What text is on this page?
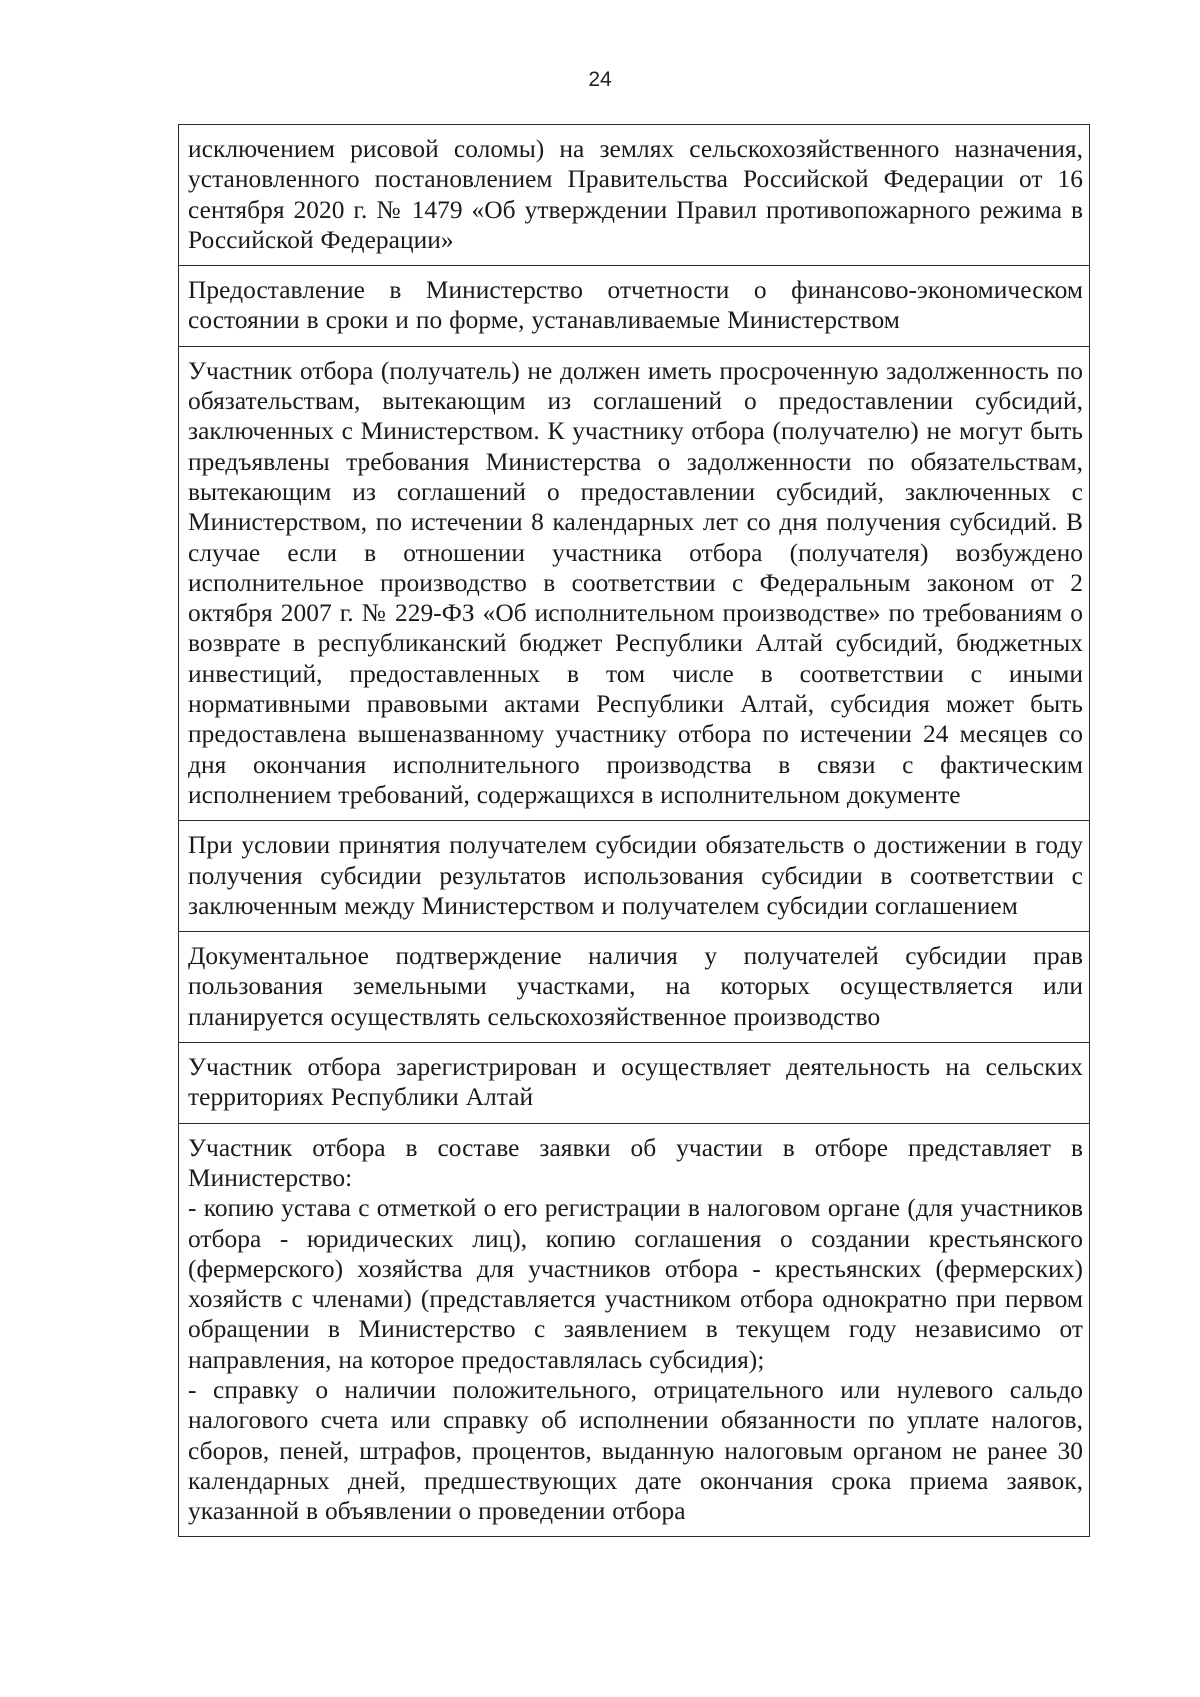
24
исключением рисовой соломы) на землях сельскохозяйственного назначения, установленного постановлением Правительства Российской Федерации от 16 сентября 2020 г. № 1479 «Об утверждении Правил противопожарного режима в Российской Федерации»
Предоставление в Министерство отчетности о финансово-экономическом состоянии в сроки и по форме, устанавливаемые Министерством
Участник отбора (получатель) не должен иметь просроченную задолженность по обязательствам, вытекающим из соглашений о предоставлении субсидий, заключенных с Министерством. К участнику отбора (получателю) не могут быть предъявлены требования Министерства о задолженности по обязательствам, вытекающим из соглашений о предоставлении субсидий, заключенных с Министерством, по истечении 8 календарных лет со дня получения субсидий. В случае если в отношении участника отбора (получателя) возбуждено исполнительное производство в соответствии с Федеральным законом от 2 октября 2007 г. № 229-ФЗ «Об исполнительном производстве» по требованиям о возврате в республиканский бюджет Республики Алтай субсидий, бюджетных инвестиций, предоставленных в том числе в соответствии с иными нормативными правовыми актами Республики Алтай, субсидия может быть предоставлена вышеназванному участнику отбора по истечении 24 месяцев со дня окончания исполнительного производства в связи с фактическим исполнением требований, содержащихся в исполнительном документе
При условии принятия получателем субсидии обязательств о достижении в году получения субсидии результатов использования субсидии в соответствии с заключенным между Министерством и получателем субсидии соглашением
Документальное подтверждение наличия у получателей субсидии прав пользования земельными участками, на которых осуществляется или планируется осуществлять сельскохозяйственное производство
Участник отбора зарегистрирован и осуществляет деятельность на сельских территориях Республики Алтай
Участник отбора в составе заявки об участии в отборе представляет в Министерство:
- копию устава с отметкой о его регистрации в налоговом органе (для участников отбора - юридических лиц), копию соглашения о создании крестьянского (фермерского) хозяйства для участников отбора - крестьянских (фермерских) хозяйств с членами) (представляется участником отбора однократно при первом обращении в Министерство с заявлением в текущем году независимо от направления, на которое предоставлялась субсидия);
- справку о наличии положительного, отрицательного или нулевого сальдо налогового счета или справку об исполнении обязанности по уплате налогов, сборов, пеней, штрафов, процентов, выданную налоговым органом не ранее 30 календарных дней, предшествующих дате окончания срока приема заявок, указанной в объявлении о проведении отбора
